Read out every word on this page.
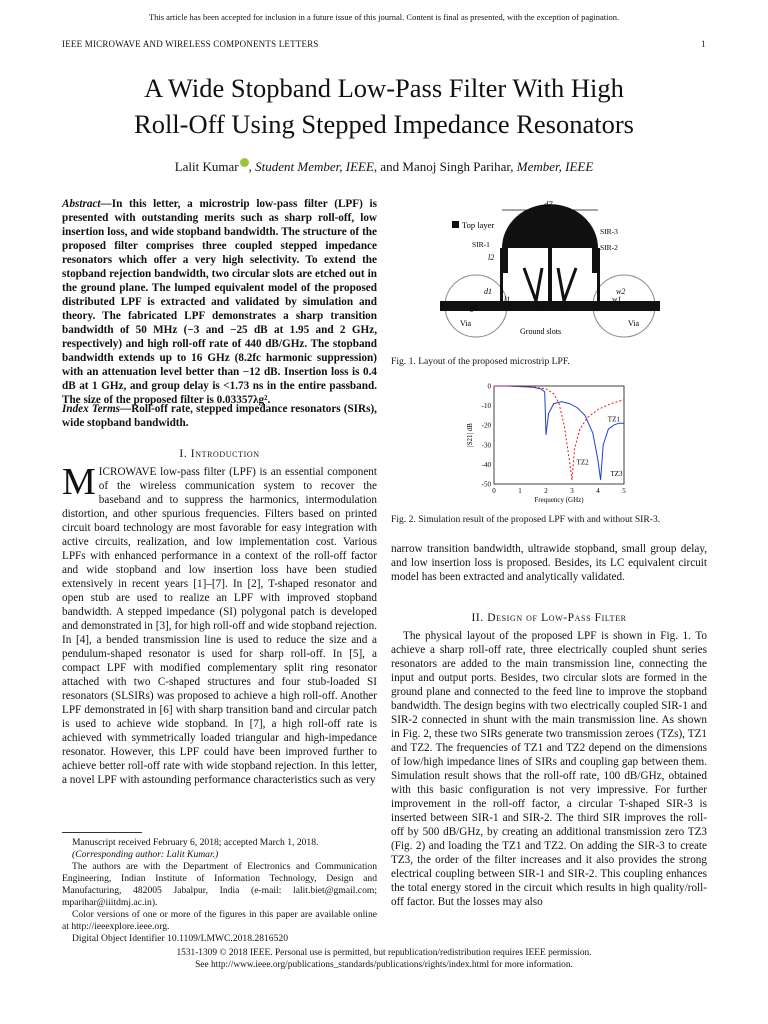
This article has been accepted for inclusion in a future issue of this journal. Content is final as presented, with the exception of pagination.
IEEE MICROWAVE AND WIRELESS COMPONENTS LETTERS	1
A Wide Stopband Low-Pass Filter With High
Roll-Off Using Stepped Impedance Resonators
Lalit Kumar , Student Member, IEEE, and Manoj Singh Parihar, Member, IEEE
Abstract—In this letter, a microstrip low-pass filter (LPF) is presented with outstanding merits such as sharp roll-off, low insertion loss, and wide stopband bandwidth. The structure of the proposed filter comprises three coupled stepped impedance resonators which offer a very high selectivity. To extend the stopband rejection bandwidth, two circular slots are etched out in the ground plane. The lumped equivalent model of the proposed distributed LPF is extracted and validated by simulation and theory. The fabricated LPF demonstrates a sharp transition bandwidth of 50 MHz (−3 and −25 dB at 1.95 and 2 GHz, respectively) and high roll-off rate of 440 dB/GHz. The stopband bandwidth extends up to 16 GHz (8.2fc harmonic suppression) with an attenuation level better than −12 dB. Insertion loss is 0.4 dB at 1 GHz, and group delay is <1.73 ns in the entire passband. The size of the proposed filter is 0.03357λg².
Index Terms—Roll-off rate, stepped impedance resonators (SIRs), wide stopband bandwidth.
I. Introduction
MICROWAVE low-pass filter (LPF) is an essential component of the wireless communication system to recover the baseband and to suppress the harmonics, intermodulation distortion, and other spurious frequencies. Filters based on printed circuit board technology are most favorable for easy integration with active circuits, realization, and low implementation cost. Various LPFs with enhanced performance in a context of the roll-off factor and wide stopband and low insertion loss have been studied extensively in recent years [1]–[7]. In [2], T-shaped resonator and open stub are used to realize an LPF with improved stopband bandwidth. A stepped impedance (SI) polygonal patch is developed and demonstrated in [3], for high roll-off and wide stopband rejection. In [4], a bended transmission line is used to reduce the size and a pendulum-shaped resonator is used for sharp roll-off. In [5], a compact LPF with modified complementary split ring resonator attached with two C-shaped structures and four stub-loaded SI resonators (SLSIRs) was proposed to achieve a high roll-off. Another LPF demonstrated in [6] with sharp transition band and circular patch is used to achieve wide stopband. In [7], a high roll-off rate is achieved with symmetrically loaded triangular and high-impedance resonator. However, this LPF could have been improved further to achieve better roll-off rate with wide stopband rejection. In this letter, a novel LPF with astounding performance characteristics such as very

Manuscript received February 6, 2018; accepted March 1, 2018.

(Corresponding author: Lalit Kumar.)

The authors are with the Department of Electronics and Communication Engineering, Indian Institute of Information Technology, Design and Manufacturing, 482005 Jabalpur, India (e-mail: lalit.biet@gmail.com; mparihar@iiitdmj.ac.in).

Color versions of one or more of the figures in this paper are available online at http://ieeexplore.ieee.org.

Digital Object Identifier 10.1109/LMWC.2018.2816520

Top layer
d7
SIR-3
SIR-2
SIR-1
l2
g1
d1
l1
w2
w1
Via	Via
Ground slots
Fig. 1. Layout of the proposed microstrip LPF.
0	1	2	3	4	5
0
-10
-20
-30
-40
-50
Frequency (GHz)
|S21| dB
TZ1
TZ2
TZ3
Fig. 2. Simulation result of the proposed LPF with and without SIR-3.
narrow transition bandwidth, ultrawide stopband, small group delay, and low insertion loss is proposed. Besides, its LC equivalent circuit model has been extracted and analytically validated.
II. Design of Low-Pass Filter
The physical layout of the proposed LPF is shown in Fig. 1. To achieve a sharp roll-off rate, three electrically coupled shunt series resonators are added to the main transmission line, connecting the input and output ports. Besides, two circular slots are formed in the ground plane and connected to the feed line to improve the stopband bandwidth. The design begins with two electrically coupled SIR-1 and SIR-2 connected in shunt with the main transmission line. As shown in Fig. 2, these two SIRs generate two transmission zeroes (TZs), TZ1 and TZ2. The frequencies of TZ1 and TZ2 depend on the dimensions of low/high impedance lines of SIRs and coupling gap between them. Simulation result shows that the roll-off rate, 100 dB/GHz, obtained with this basic configuration is not very impressive. For further improvement in the roll-off factor, a circular T-shaped SIR-3 is inserted between SIR-1 and SIR-2. The third SIR improves the roll-off by 500 dB/GHz, by creating an additional transmission zero TZ3 (Fig. 2) and loading the TZ1 and TZ2. On adding the SIR-3 to create TZ3, the order of the filter increases and it also provides the strong electrical coupling between SIR-1 and SIR-2. This coupling enhances the total energy stored in the circuit which results in high quality/roll-off factor. But the losses may also
1531-1309 © 2018 IEEE. Personal use is permitted, but republication/redistribution requires IEEE permission.
See http://www.ieee.org/publications_standards/publications/rights/index.html for more information.
